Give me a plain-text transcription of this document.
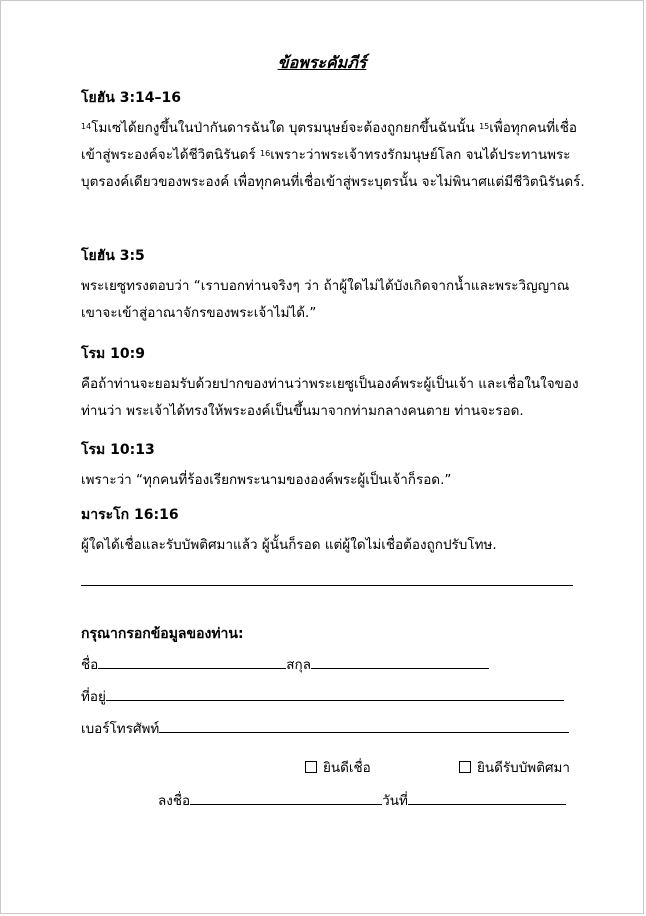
ข้อพระคัมภีร์
โยฮัน 3:14–16
$^{14}$โมเซได้ยกงูขึ้นในป่ากันดารฉันใด บุตรมนุษย์จะต้องถูกยกขึ้นฉันนั้น $^{15}$เพื่อทุกคนที่เชื่อเข้าสู่พระองค์จะได้ชีวิตนิรันดร์ $^{16}$เพราะว่าพระเจ้าทรงรักมนุษย์โลก จนได้ประทานพระบุตรองค์เดียวของพระองค์ เพื่อทุกคนที่เชื่อเข้าสู่พระบุตรนั้น จะไม่พินาศแต่มีชีวิตนิรันดร์.
โยฮัน 3:5
พระเยซูทรงตอบว่า “เราบอกท่านจริงๆ ว่า ถ้าผู้ใดไม่ได้บังเกิดจากน้ำและพระวิญญาณ เขาจะเข้าสู่อาณาจักรของพระเจ้าไม่ได้.”
โรม 10:9
คือถ้าท่านจะยอมรับด้วยปากของท่านว่าพระเยซูเป็นองค์พระผู้เป็นเจ้า และเชื่อในใจของท่านว่า พระเจ้าได้ทรงให้พระองค์เป็นขึ้นมาจากท่ามกลางคนตาย ท่านจะรอด.
โรม 10:13
เพราะว่า “ทุกคนที่ร้องเรียกพระนามขององค์พระผู้เป็นเจ้าก็รอด.”
มาระโก 16:16
ผู้ใดได้เชื่อและรับบัพติศมาแล้ว ผู้นั้นก็รอด แต่ผู้ใดไม่เชื่อต้องถูกปรับโทษ.
กรุณากรอกข้อมูลของท่าน:
ชื่อ	สกุล
ที่อยู่
เบอร์โทรศัพท์
ยินดีเชื่อ	ยินดีรับบัพติศมา
ลงชื่อ	วันที่
